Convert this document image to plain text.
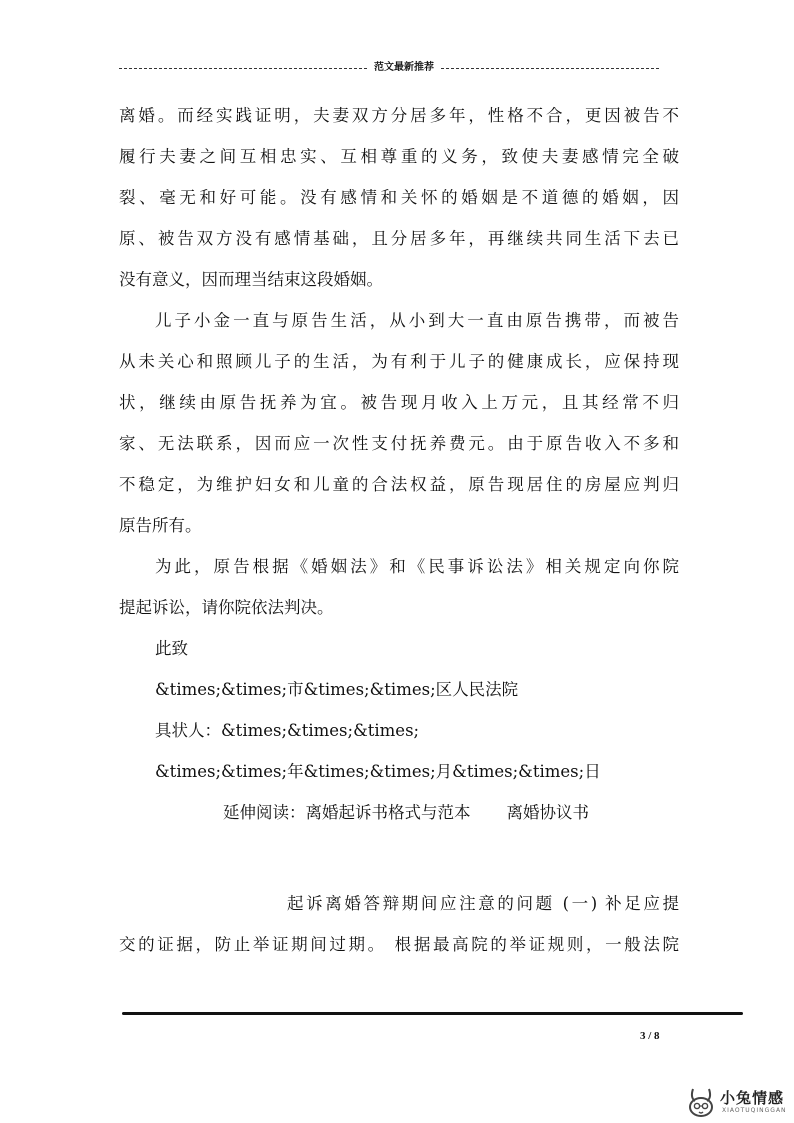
范文最新推荐
离婚。而经实践证明，夫妻双方分居多年，性格不合，更因被告不
履行夫妻之间互相忠实、互相尊重的义务，致使夫妻感情完全破
裂、毫无和好可能。没有感情和关怀的婚姻是不道德的婚姻，因
原、被告双方没有感情基础，且分居多年，再继续共同生活下去已
没有意义，因而理当结束这段婚姻。
儿子小金一直与原告生活，从小到大一直由原告携带，而被告
从未关心和照顾儿子的生活，为有利于儿子的健康成长，应保持现
状，继续由原告抚养为宜。被告现月收入上万元，且其经常不归
家、无法联系，因而应一次性支付抚养费元。由于原告收入不多和
不稳定，为维护妇女和儿童的合法权益，原告现居住的房屋应判归
原告所有。
为此，原告根据《婚姻法》和《民事诉讼法》相关规定向你院
提起诉讼，请你院依法判决。
此致
&times;&times;市&times;&times;区人民法院
具状人：&times;&times;&times;
&times;&times;年&times;&times;月&times;&times;日
延伸阅读：离婚起诉书格式与范本 离婚协议书
起诉离婚答辩期间应注意的问题 (一) 补足应提
交的证据，防止举证期间过期。 根据最高院的举证规则，一般法院
3 / 8
小兔情感
XIAOTUQINGGAN
